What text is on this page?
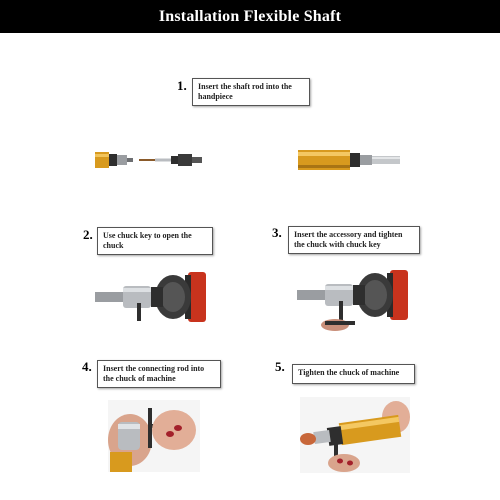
Installation Flexible Shaft
1.	Insert the shaft rod into the handpiece
2.	Use chuck key to open the chuck
3.	Insert the accessory and tighten the chuck with chuck key
4.	Insert the connecting rod into the chuck of machine
5.	Tighten the chuck of machine
